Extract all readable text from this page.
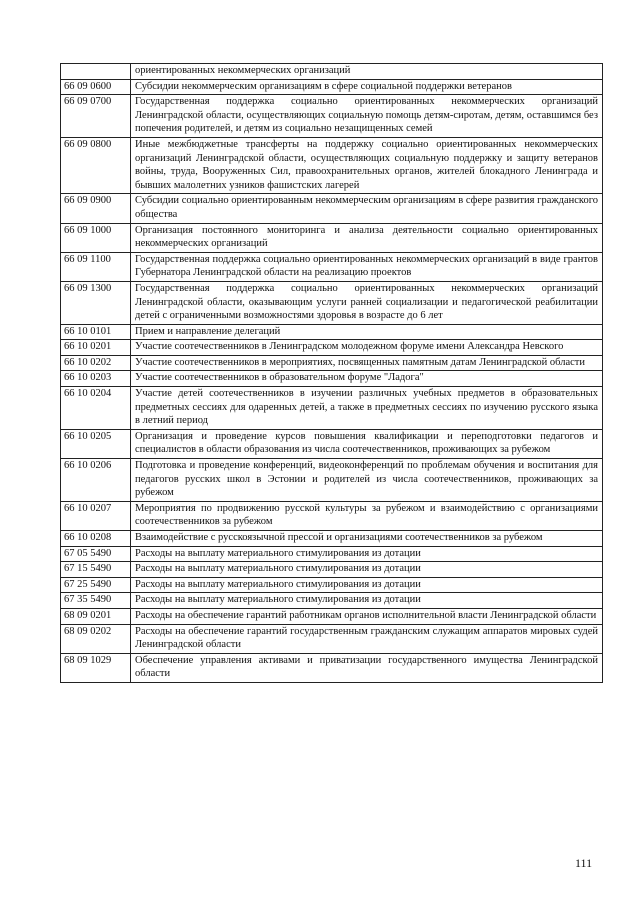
	ориентированных некоммерческих организаций
66 09 0600	Субсидии некоммерческим организациям в сфере социальной поддержки ветеранов
66 09 0700	Государственная поддержка социально ориентированных некоммерческих организаций Ленинградской области, осуществляющих социальную помощь детям-сиротам, детям, оставшимся без попечения родителей, и детям из социально незащищенных семей
66 09 0800	Иные межбюджетные трансферты на поддержку социально ориентированных некоммерческих организаций Ленинградской области, осуществляющих социальную поддержку и защиту ветеранов войны, труда, Вооруженных Сил, правоохранительных органов, жителей блокадного Ленинграда и бывших малолетних узников фашистских лагерей
66 09 0900	Субсидии социально ориентированным некоммерческим организациям в сфере развития гражданского общества
66 09 1000	Организация постоянного мониторинга и анализа деятельности социально ориентированных некоммерческих организаций
66 09 1100	Государственная поддержка социально ориентированных некоммерческих организаций в виде грантов Губернатора Ленинградской области на реализацию проектов
66 09 1300	Государственная поддержка социально ориентированных некоммерческих организаций Ленинградской области, оказывающим услуги ранней социализации и педагогической реабилитации детей с ограниченными возможностями здоровья в возрасте до 6 лет
66 10 0101	Прием и направление делегаций
66 10 0201	Участие соотечественников в Ленинградском молодежном форуме имени Александра Невского
66 10 0202	Участие соотечественников в мероприятиях, посвященных памятным датам Ленинградской области
66 10 0203	Участие соотечественников в образовательном форуме "Ладога"
66 10 0204	Участие детей соотечественников в изучении различных учебных предметов в образовательных предметных сессиях для одаренных детей, а также в предметных сессиях по изучению русского языка в летний период
66 10 0205	Организация и проведение курсов повышения квалификации и переподготовки педагогов и специалистов в области образования из числа соотечественников, проживающих за рубежом
66 10 0206	Подготовка и проведение конференций, видеоконференций по проблемам обучения и воспитания для педагогов русских школ в Эстонии и родителей из числа соотечественников, проживающих за рубежом
66 10 0207	Мероприятия по продвижению русской культуры за рубежом и взаимодействию с организациями соотечественников за рубежом
66 10 0208	Взаимодействие с русскоязычной прессой и организациями соотечественников за рубежом
67 05 5490	Расходы на выплату материального стимулирования из дотации
67 15 5490	Расходы на выплату материального стимулирования из дотации
67 25 5490	Расходы на выплату материального стимулирования из дотации
67 35 5490	Расходы на выплату материального стимулирования из дотации
68 09 0201	Расходы на обеспечение гарантий работникам органов исполнительной власти Ленинградской области
68 09 0202	Расходы на обеспечение гарантий государственным гражданским служащим аппаратов мировых судей Ленинградской области
68 09 1029	Обеспечение управления активами и приватизации государственного имущества Ленинградской области
111
